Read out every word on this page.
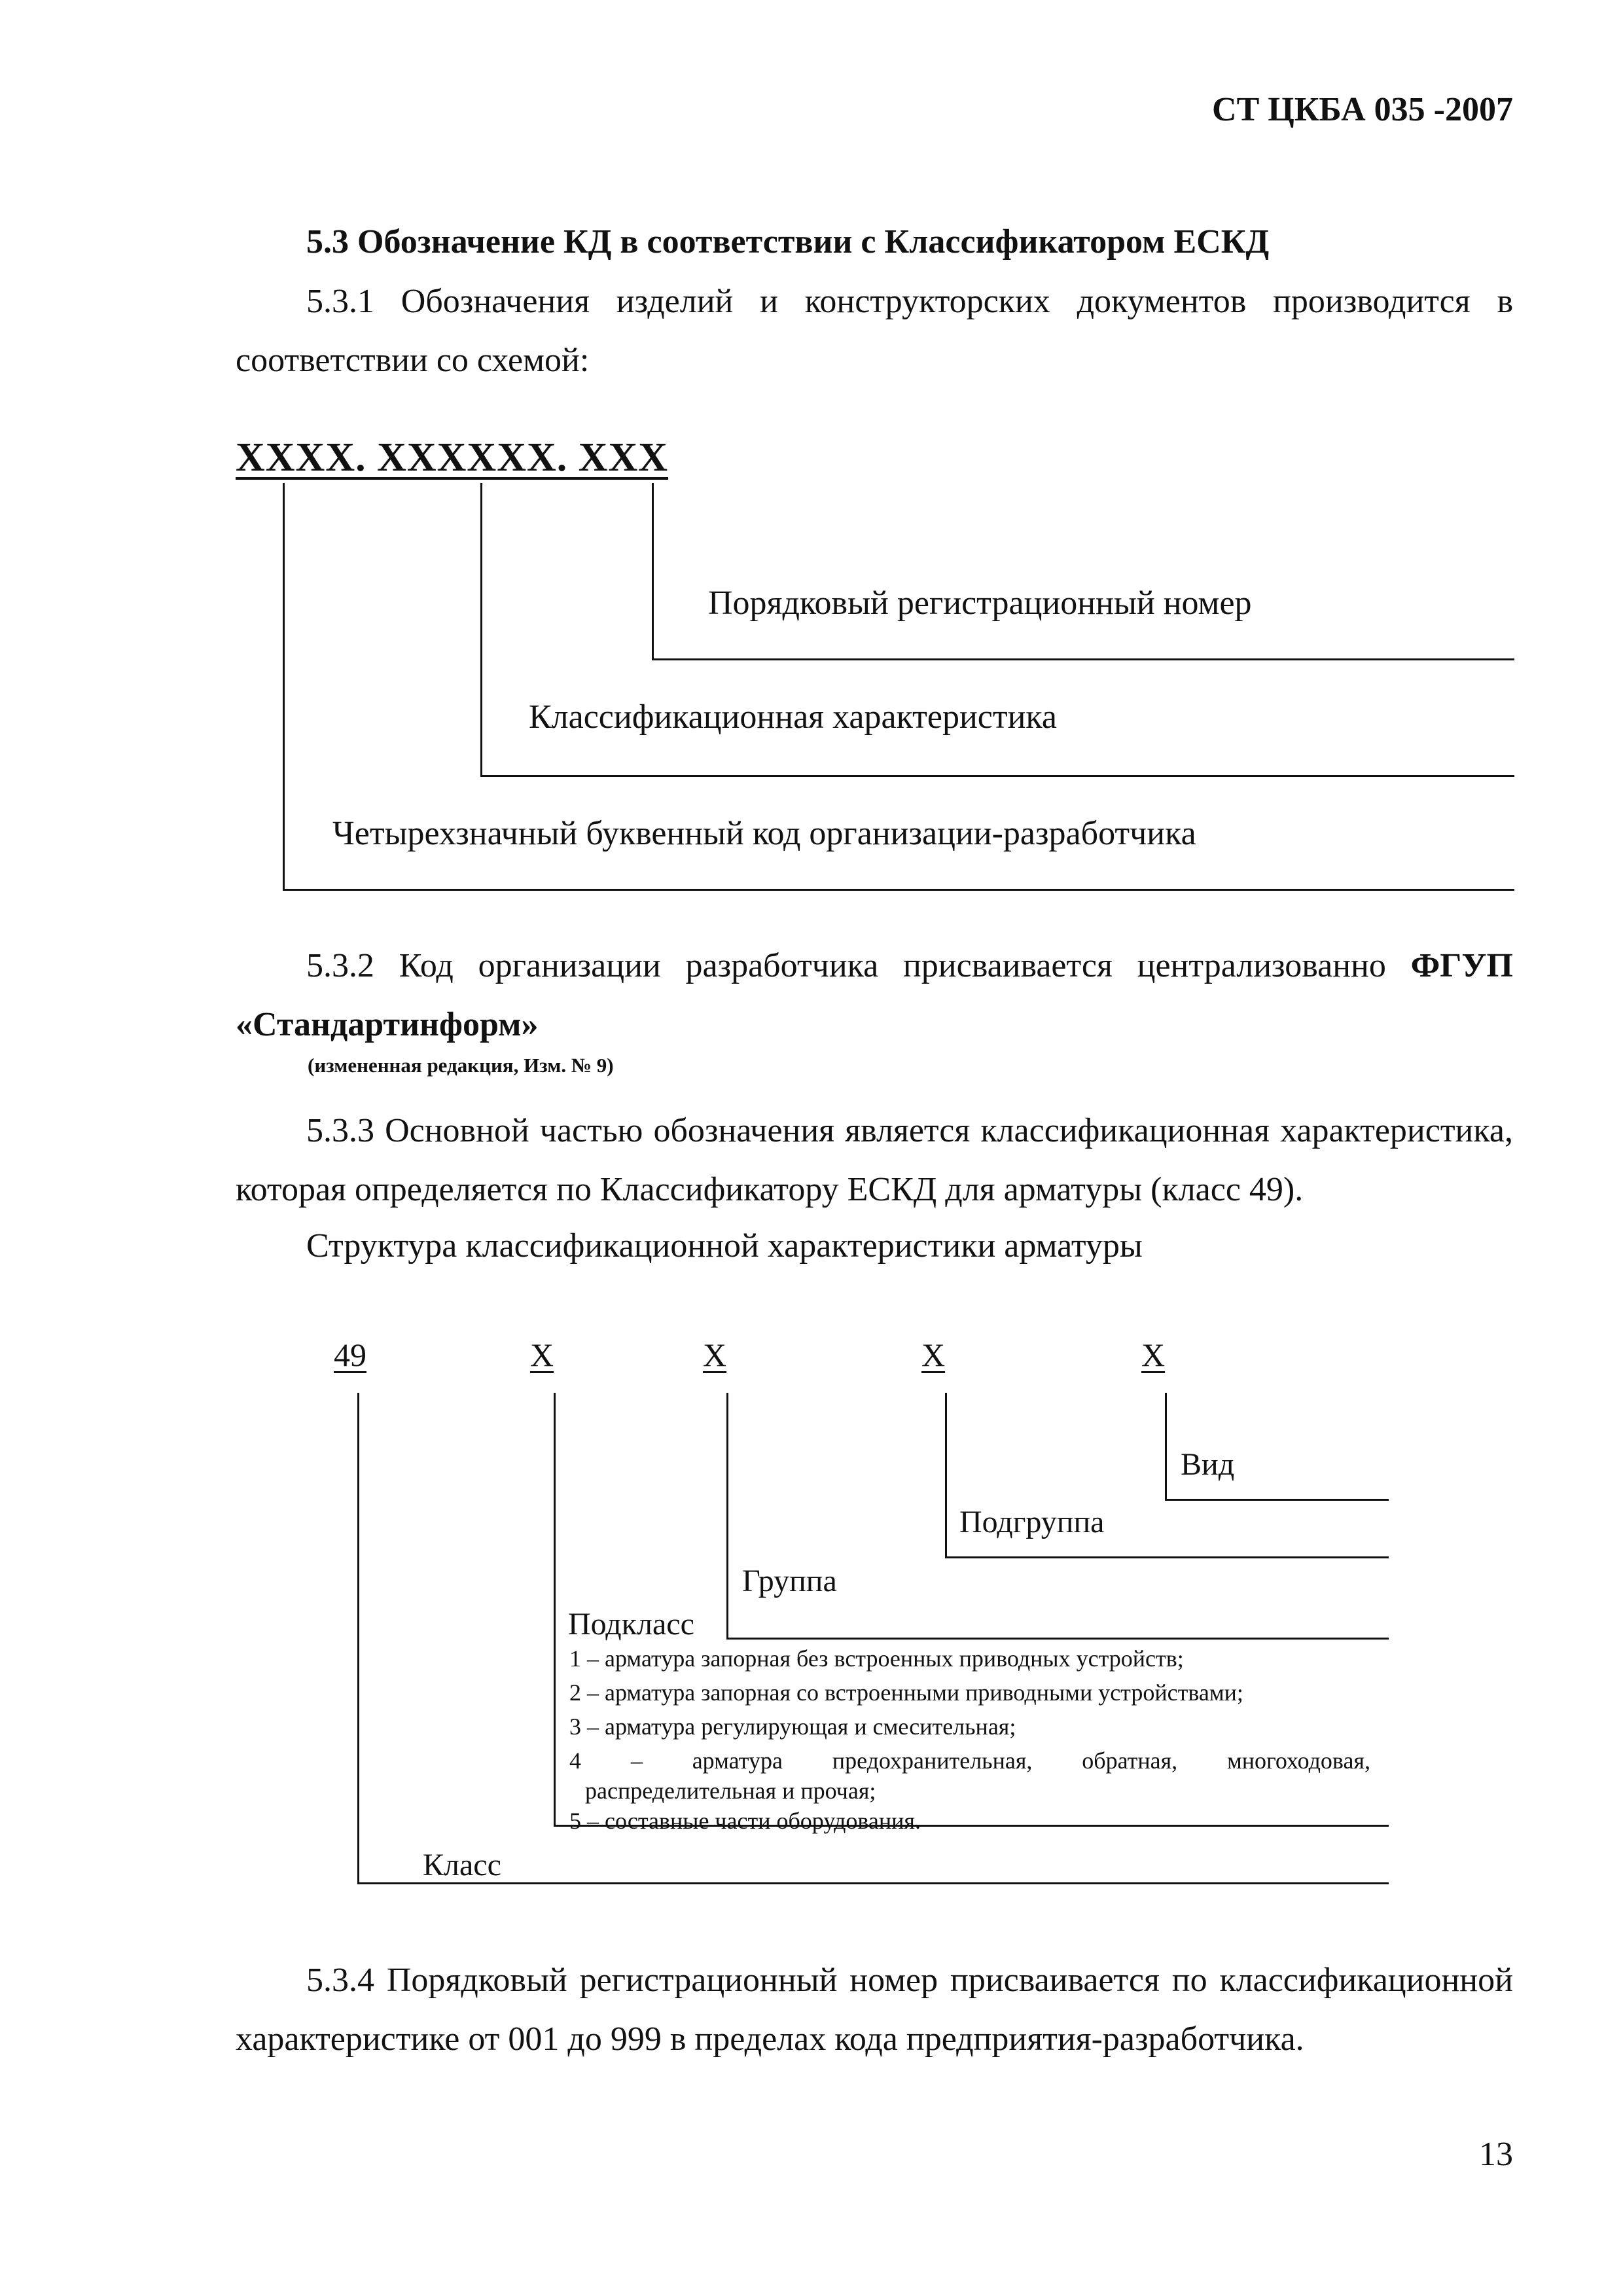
СТ ЦКБА 035 -2007
5.3 Обозначение КД в соответствии с Классификатором ЕСКД
5.3.1 Обозначения изделий и конструкторских документов производится в
соответствии со схемой:
XXXX. XXXXXX. XXX
Порядковый регистрационный номер
Классификационная характеристика
Четырехзначный буквенный код организации-разработчика
5.3.2 Код организации разработчика присваивается централизованно ФГУП
«Стандартинформ»
(измененная редакция, Изм. № 9)
5.3.3 Основной частью обозначения является классификационная характеристика,
которая определяется по Классификатору ЕСКД для арматуры (класс 49).
Структура классификационной характеристики арматуры
49	X	X	X	X
Вид
Подгруппа
Группа
Подкласс
1 – арматура запорная без встроенных приводных устройств;
2 – арматура запорная со встроенными приводными устройствами;
3 – арматура регулирующая и смесительная;
4 – арматура предохранительная, обратная, многоходовая,
распределительная и прочая;
5 – составные части оборудования.
Класс
5.3.4 Порядковый регистрационный номер присваивается по классификационной
характеристике от 001 до 999 в пределах кода предприятия-разработчика.
13
